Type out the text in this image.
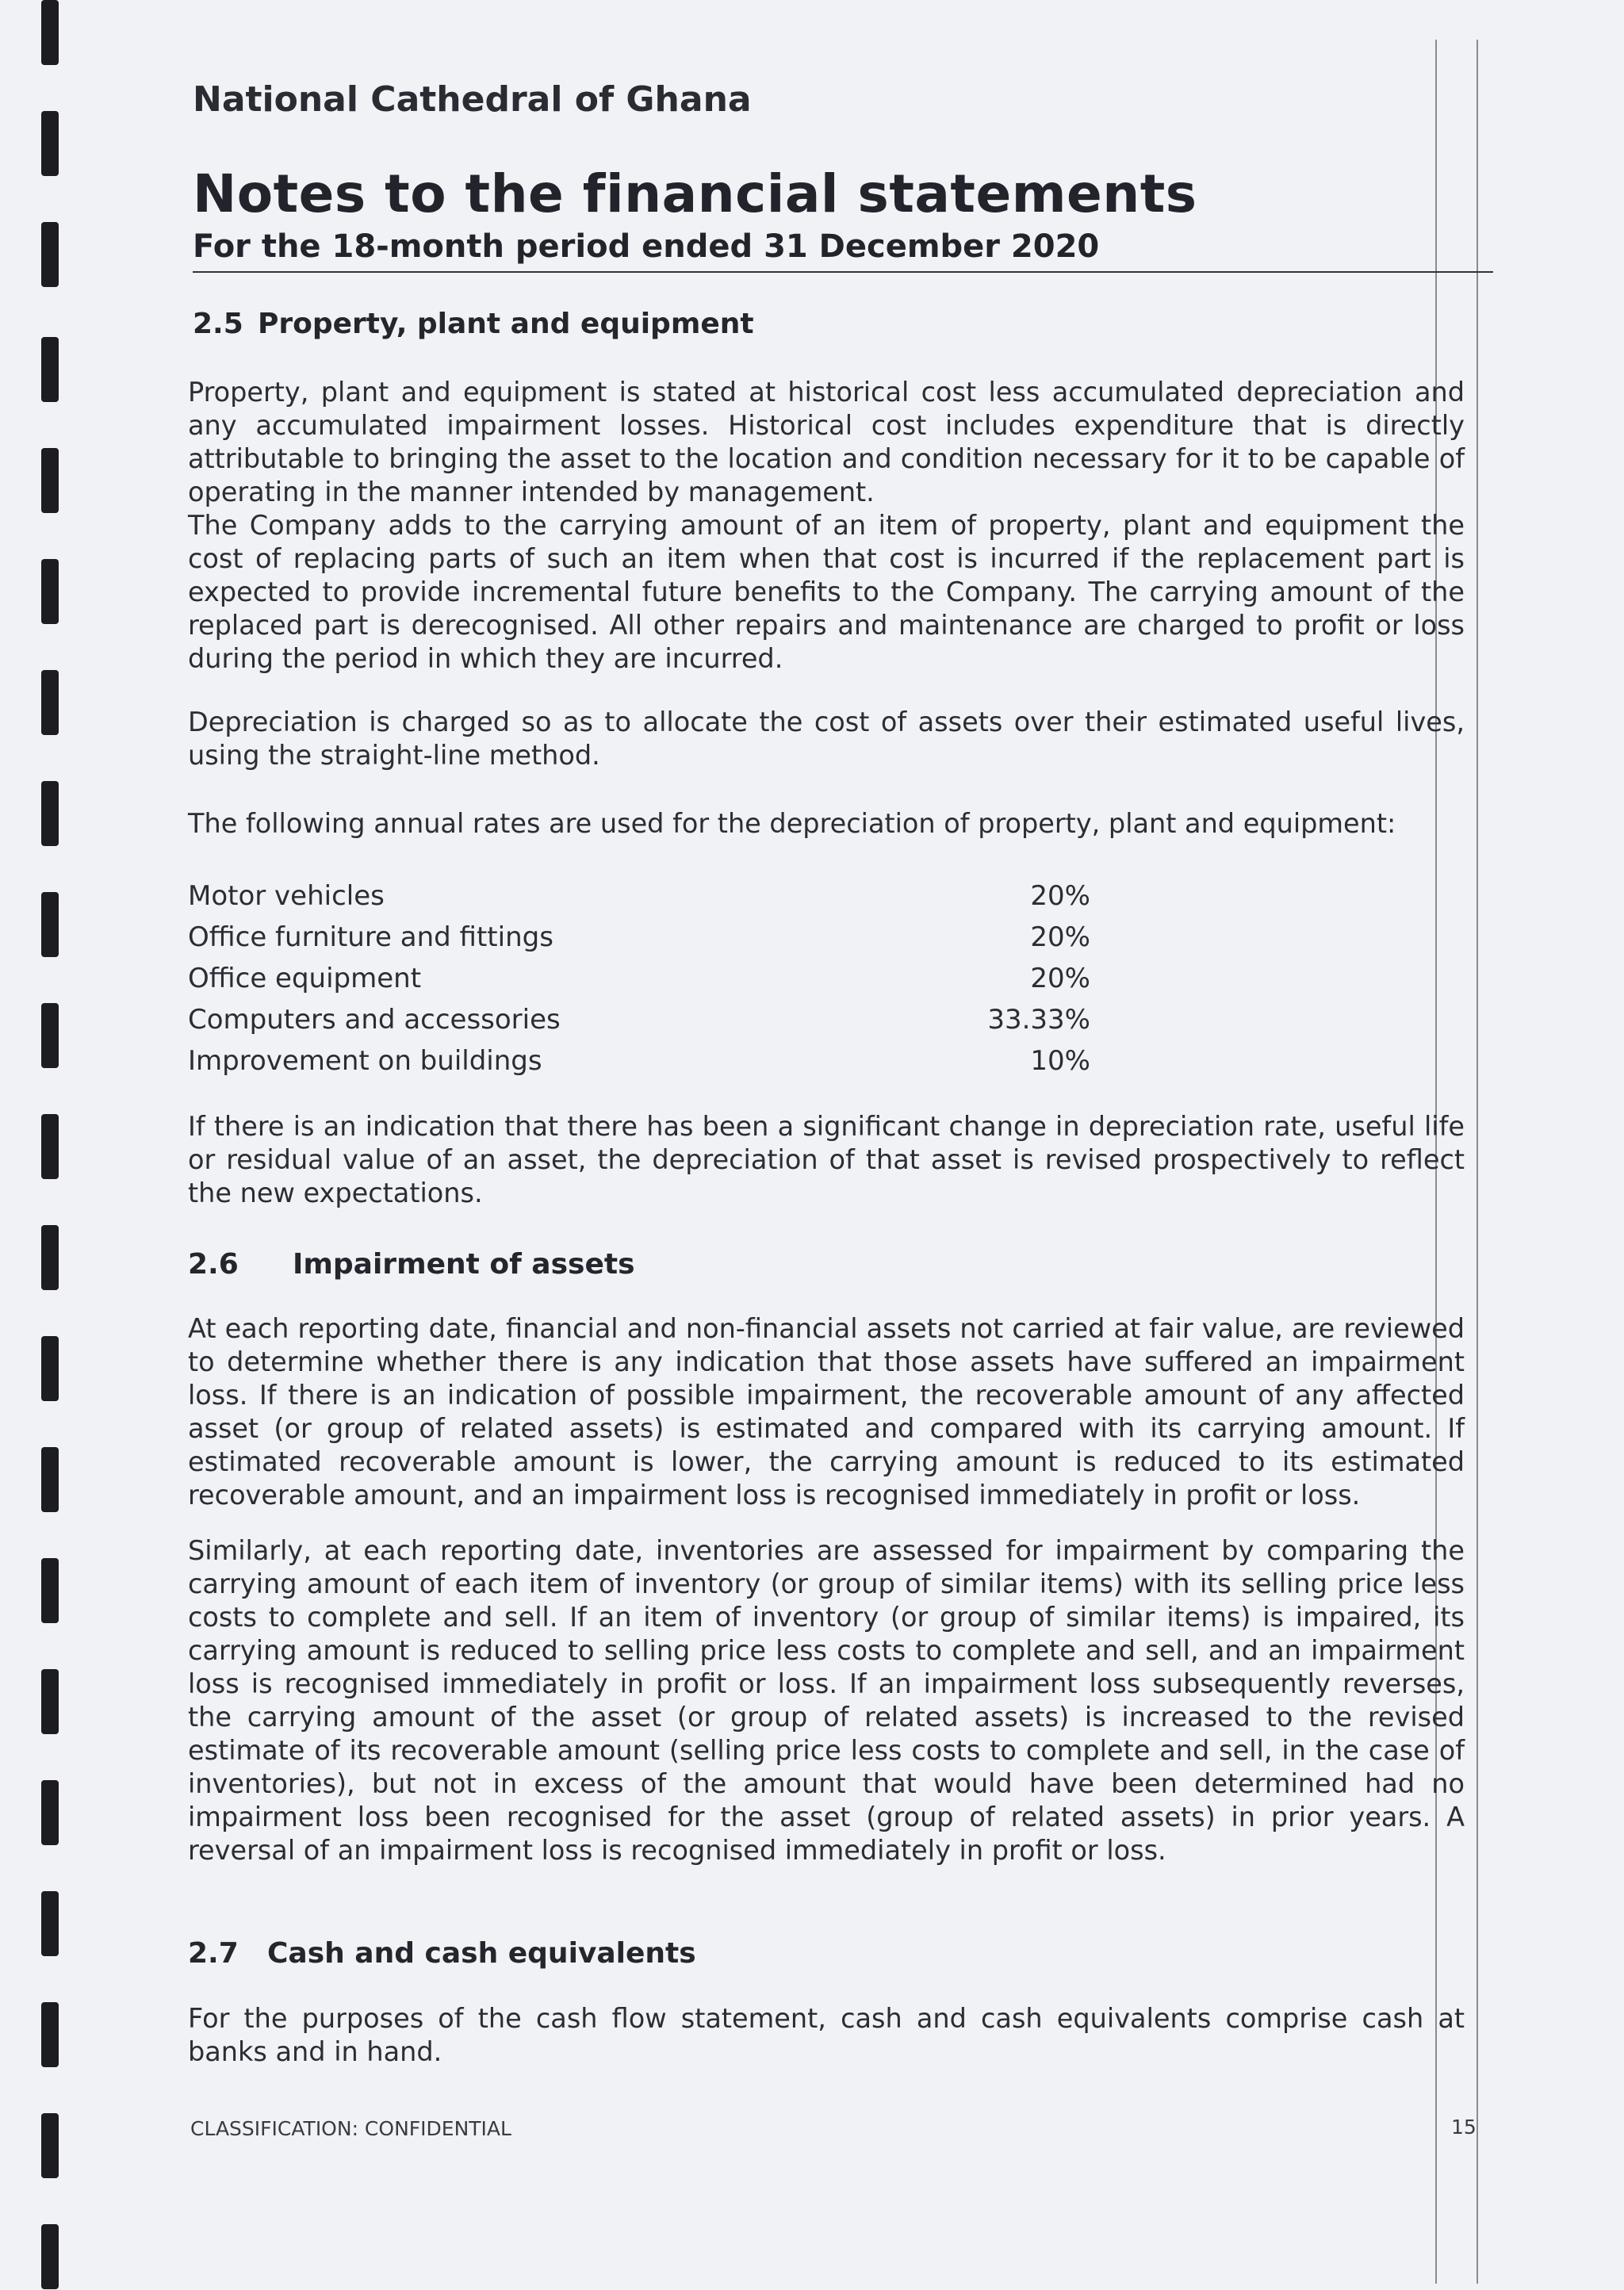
National Cathedral of Ghana
Notes to the financial statements
For the 18-month period ended 31 December 2020
2.5 Property, plant and equipment

Property, plant and equipment is stated at historical cost less accumulated depreciation and any accumulated impairment losses. Historical cost includes expenditure that is directly attributable to bringing the asset to the location and condition necessary for it to be capable of operating in the manner intended by management.

The Company adds to the carrying amount of an item of property, plant and equipment the cost of replacing parts of such an item when that cost is incurred if the replacement part is expected to provide incremental future benefits to the Company. The carrying amount of the replaced part is derecognised. All other repairs and maintenance are charged to profit or loss during the period in which they are incurred.

Depreciation is charged so as to allocate the cost of assets over their estimated useful lives, using the straight-line method.
The following annual rates are used for the depreciation of property, plant and equipment:
Motor vehicles	20%
Office furniture and fittings	20%
Office equipment	20%
Computers and accessories	33.33%
Improvement on buildings	10%
If there is an indication that there has been a significant change in depreciation rate, useful life or residual value of an asset, the depreciation of that asset is revised prospectively to reflect the new expectations.
2.6 Impairment of assets
At each reporting date, financial and non-financial assets not carried at fair value, are reviewed to determine whether there is any indication that those assets have suffered an impairment loss. If there is an indication of possible impairment, the recoverable amount of any affected asset (or group of related assets) is estimated and compared with its carrying amount. If estimated recoverable amount is lower, the carrying amount is reduced to its estimated recoverable amount, and an impairment loss is recognised immediately in profit or loss.
Similarly, at each reporting date, inventories are assessed for impairment by comparing the carrying amount of each item of inventory (or group of similar items) with its selling price less costs to complete and sell. If an item of inventory (or group of similar items) is impaired, its carrying amount is reduced to selling price less costs to complete and sell, and an impairment loss is recognised immediately in profit or loss. If an impairment loss subsequently reverses, the carrying amount of the asset (or group of related assets) is increased to the revised estimate of its recoverable amount (selling price less costs to complete and sell, in the case of inventories), but not in excess of the amount that would have been determined had no impairment loss been recognised for the asset (group of related assets) in prior years. A reversal of an impairment loss is recognised immediately in profit or loss.
2.7 Cash and cash equivalents
For the purposes of the cash flow statement, cash and cash equivalents comprise cash at banks and in hand.
CLASSIFICATION: CONFIDENTIAL	15
